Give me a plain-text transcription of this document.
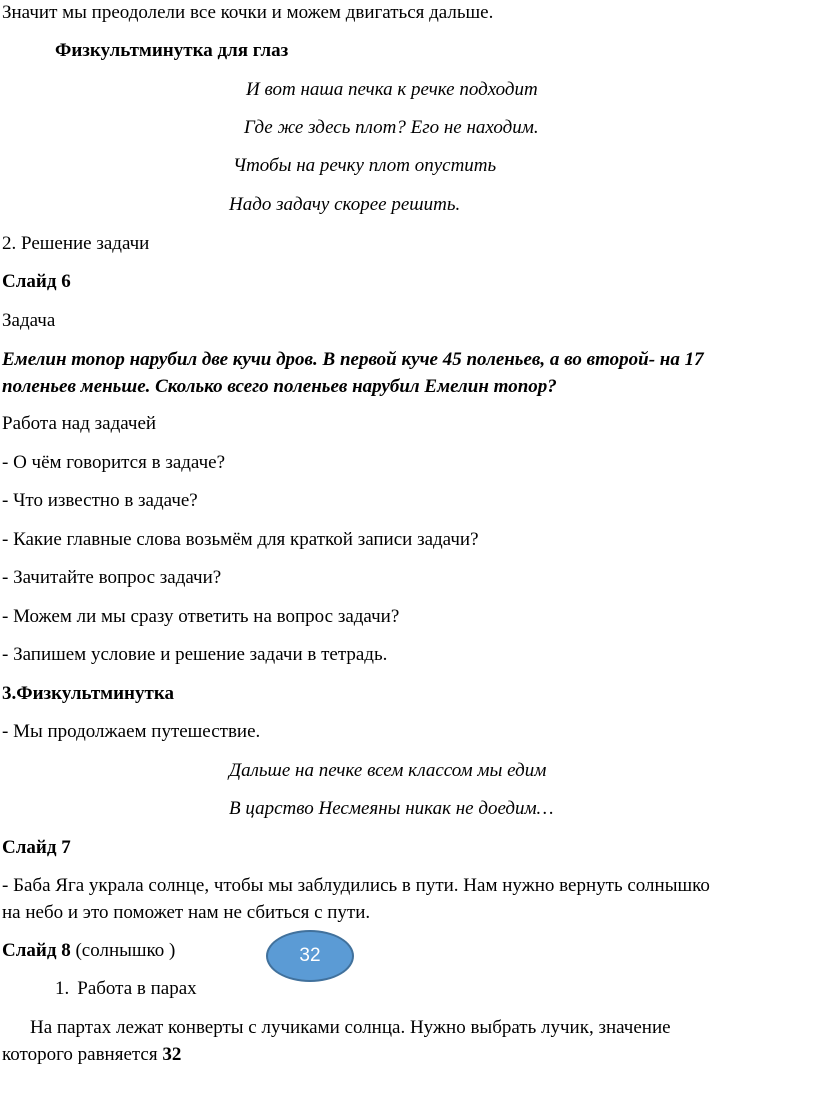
Значит мы преодолели все кочки и можем двигаться дальше.
Физкультминутка для глаз
И вот наша печка к речке подходит
Где же здесь плот? Его не находим.
Чтобы на речку плот опустить
Надо задачу скорее решить.
2. Решение задачи
Слайд 6
Задача
Емелин топор нарубил две кучи дров. В первой куче 45 поленьев, а во второй- на 17
поленьев меньше. Сколько всего поленьев нарубил Емелин топор?
Работа над задачей
- О чём говорится в задаче?
- Что известно в задаче?
- Какие главные слова возьмём для краткой записи задачи?
- Зачитайте вопрос задачи?
- Можем ли мы сразу ответить на вопрос задачи?
- Запишем условие и решение задачи в тетрадь.
3.Физкультминутка
- Мы продолжаем путешествие.
Дальше на печке всем классом мы едим
В царство Несмеяны никак не доедим…
Слайд 7
- Баба Яга украла солнце, чтобы мы заблудились в пути. Нам нужно вернуть солнышко
на небо и это поможет нам не сбиться с пути.
Слайд 8 (солнышко )	32
1. Работа в парах
На партах лежат конверты с лучиками солнца. Нужно выбрать лучик, значение
которого равняется 32
